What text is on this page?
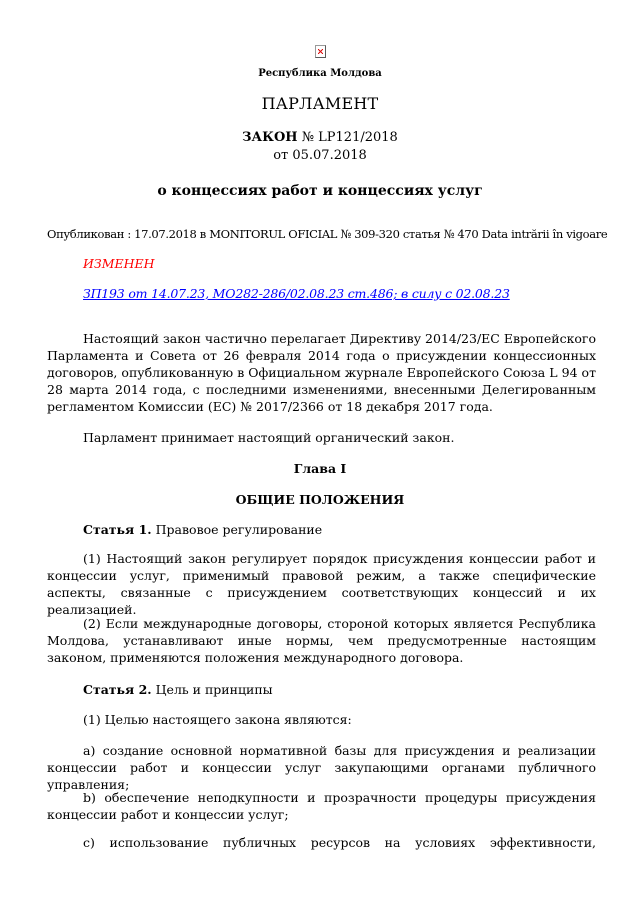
Республика Молдова
ПАРЛАМЕНТ
ЗАКОН № LP121/2018
от 05.07.2018
о концессиях работ и концессиях услуг
Опубликован : 17.07.2018 в MONITORUL OFICIAL № 309-320 статья № 470 Data intrării în vigoare
ИЗМЕНЕН
ЗП193 от 14.07.23, MO282-286/02.08.23 ст.486; в силу с 02.08.23

Настоящий закон частично перелагает Директиву 2014/23/ЕС Европейского Парламента и Совета от 26 февраля 2014 года о присуждении концессионных договоров, опубликованную в Официальном журнале Европейского Союза L 94 от 28 марта 2014 года, с последними изменениями, внесенными Делегированным регламентом Комиссии (ЕС) № 2017/2366 от 18 декабря 2017 года.

Парламент принимает настоящий органический закон.

Глава I
ОБЩИЕ ПОЛОЖЕНИЯ
Статья 1. Правовое регулирование

(1) Настоящий закон регулирует порядок присуждения концессии работ и концессии услуг, применимый правовой режим, а также специфические аспекты, связанные с присуждением соответствующих концессий и их реализацией.

(2) Если международные договоры, стороной которых является Республика Молдова, устанавливают иные нормы, чем предусмотренные настоящим законом, применяются положения международного договора.

Статья 2. Цель и принципы

(1) Целью настоящего закона являются:

a) создание основной нормативной базы для присуждения и реализации концессии работ и концессии услуг закупающими органами публичного управления;

b) обеспечение неподкупности и прозрачности процедуры присуждения концессии работ и концессии услуг;

c) использование публичных ресурсов на условиях эффективности,
